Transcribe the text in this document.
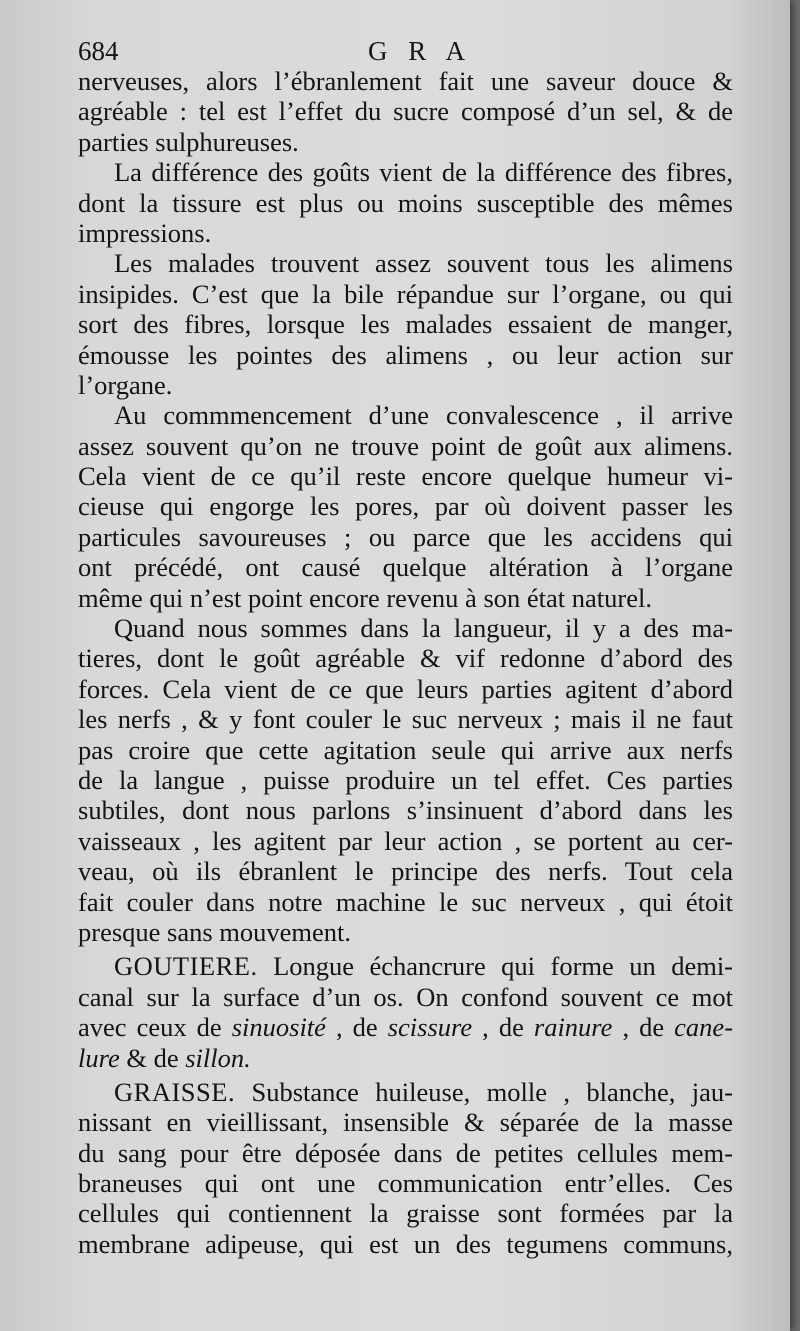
684	G R A
nerveuses, alors l’ébranlement fait une saveur douce &
agréable : tel est l’effet du sucre composé d’un sel, & de
parties sulphureuses.
La différence des goûts vient de la différence des fibres,
dont la tissure est plus ou moins susceptible des mêmes
impressions.
Les malades trouvent assez souvent tous les alimens
insipides. C’est que la bile répandue sur l’organe, ou qui
sort des fibres, lorsque les malades essaient de manger,
émousse les pointes des alimens , ou leur action sur
l’organe.
Au commmencement d’une convalescence , il arrive
assez souvent qu’on ne trouve point de goût aux alimens.
Cela vient de ce qu’il reste encore quelque humeur vi-
cieuse qui engorge les pores, par où doivent passer les
particules savoureuses ; ou parce que les accidens qui
ont précédé, ont causé quelque altération à l’organe
même qui n’est point encore revenu à son état naturel.
Quand nous sommes dans la langueur, il y a des ma-
tieres, dont le goût agréable & vif redonne d’abord des
forces. Cela vient de ce que leurs parties agitent d’abord
les nerfs , & y font couler le suc nerveux ; mais il ne faut
pas croire que cette agitation seule qui arrive aux nerfs
de la langue , puisse produire un tel effet. Ces parties
subtiles, dont nous parlons s’insinuent d’abord dans les
vaisseaux , les agitent par leur action , se portent au cer-
veau, où ils ébranlent le principe des nerfs. Tout cela
fait couler dans notre machine le suc nerveux , qui étoit
presque sans mouvement.
GOUTIERE. Longue échancrure qui forme un demi-
canal sur la surface d’un os. On confond souvent ce mot
avec ceux de sinuosité , de scissure , de rainure , de cane-
lure & de sillon.
GRAISSE. Substance huileuse, molle , blanche, jau-
nissant en vieillissant, insensible & séparée de la masse
du sang pour être déposée dans de petites cellules mem-
braneuses qui ont une communication entr’elles. Ces
cellules qui contiennent la graisse sont formées par la
membrane adipeuse, qui est un des tegumens communs,
